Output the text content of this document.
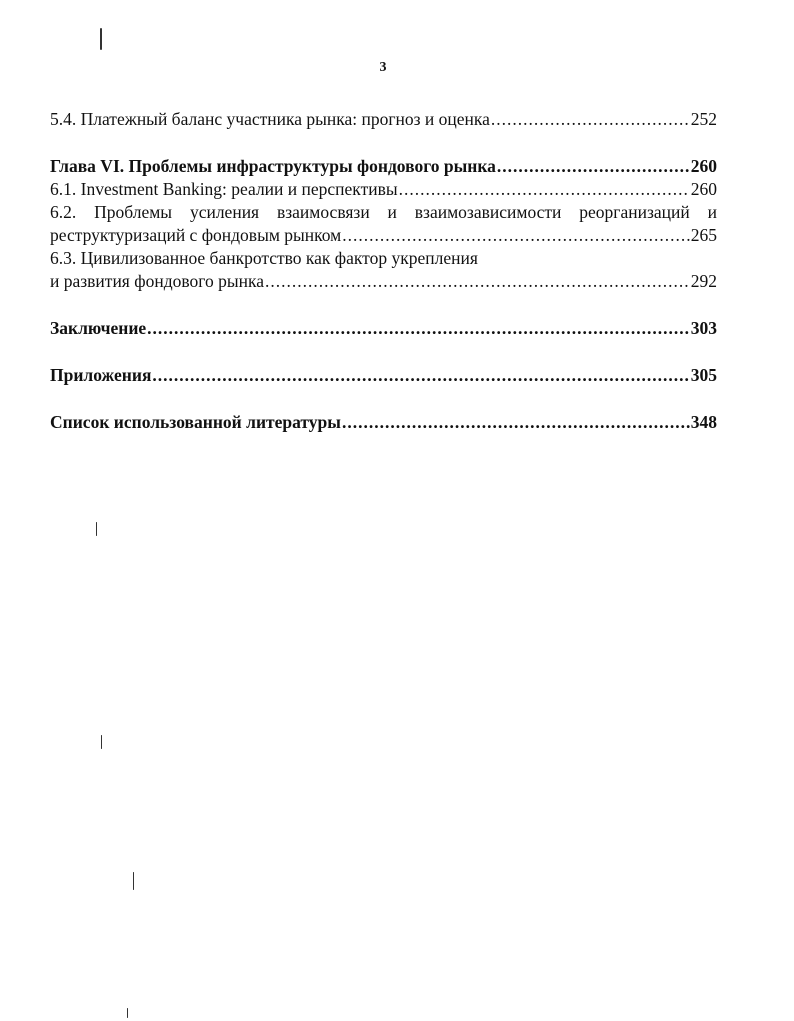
3
5.4. Платежный баланс участника рынка: прогноз и оценка .....	252
Глава VI. Проблемы инфраструктуры фондового рынка .....	260
6.1. Investment Banking: реалии и перспективы .....	260
6.2. Проблемы усиления взаимосвязи и взаимозависимости реорганизаций и
реструктуризаций с фондовым рынком .....	265
6.3. Цивилизованное банкротство как фактор укрепления
и развития фондового рынка .....	292
Заключение .....	303
Приложения .....	305
Список использованной литературы .....	348
